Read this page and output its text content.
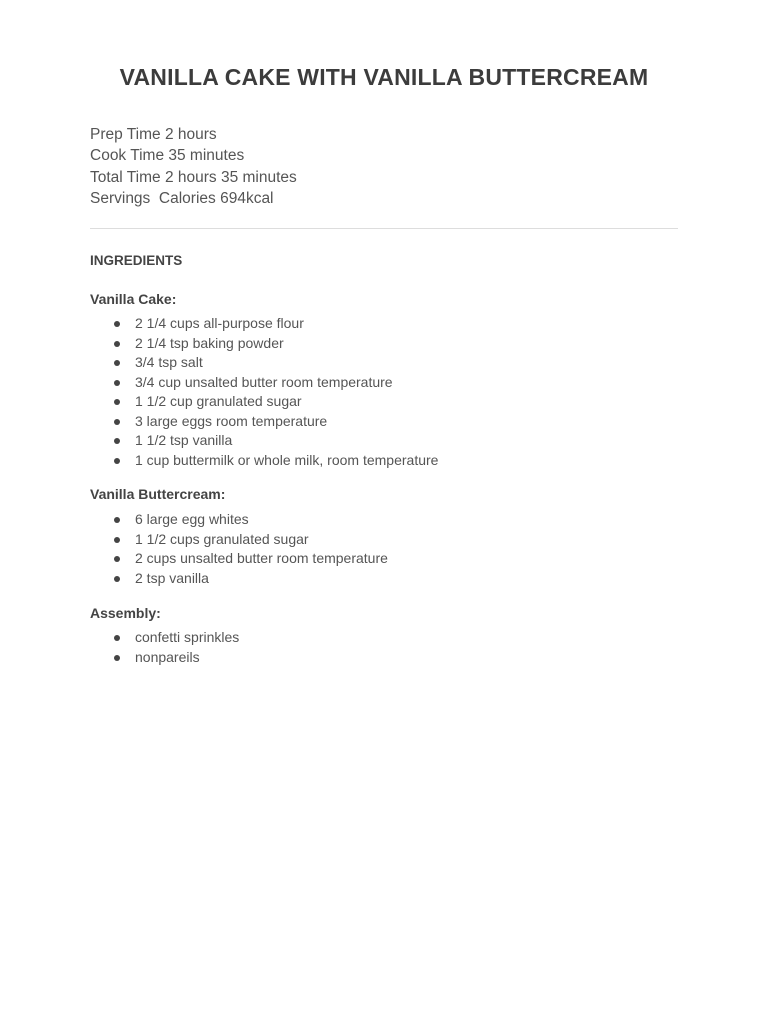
VANILLA CAKE WITH VANILLA BUTTERCREAM
Prep Time 2 hours
Cook Time 35 minutes
Total Time 2 hours 35 minutes
Servings  Calories 694kcal
INGREDIENTS
Vanilla Cake:
2 1/4 cups all-purpose flour
2 1/4 tsp baking powder
3/4 tsp salt
3/4 cup unsalted butter room temperature
1 1/2 cup granulated sugar
3 large eggs room temperature
1 1/2 tsp vanilla
1 cup buttermilk or whole milk, room temperature
Vanilla Buttercream:
6 large egg whites
1 1/2 cups granulated sugar
2 cups unsalted butter room temperature
2 tsp vanilla
Assembly:
confetti sprinkles
nonpareils
